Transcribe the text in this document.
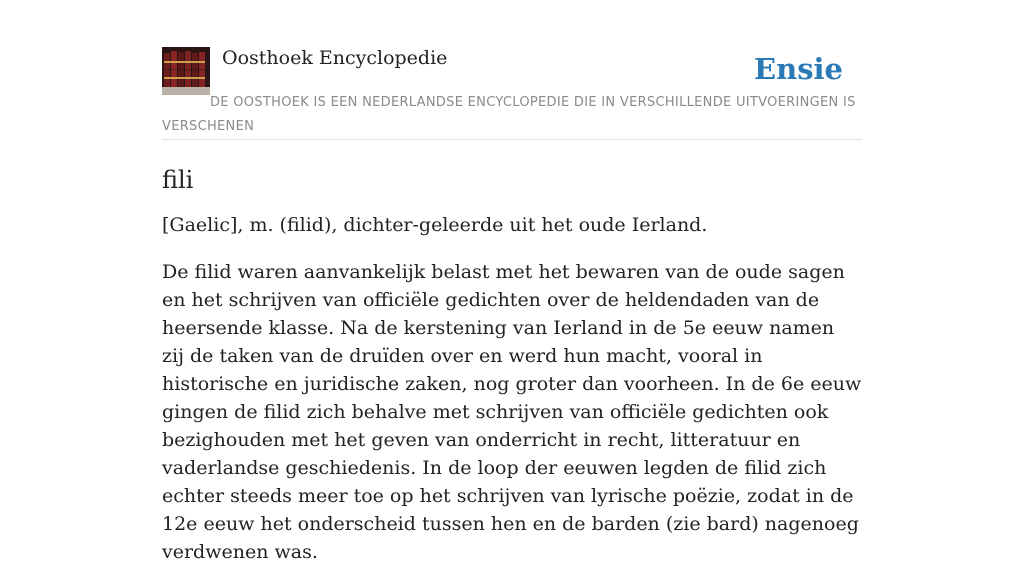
Oosthoek Encyclopedie	Ensie

DE OOSTHOEK IS EEN NEDERLANDSE ENCYCLOPEDIE DIE IN VERSCHILLENDE UITVOERINGEN IS VERSCHENEN

fili

[Gaelic], m. (filid), dichter-geleerde uit het oude Ierland.

De filid waren aanvankelijk belast met het bewaren van de oude sagen en het schrijven van officiële gedichten over de heldendaden van de heersende klasse. Na de kerstening van Ierland in de 5e eeuw namen zij de taken van de druïden over en werd hun macht, vooral in historische en juridische zaken, nog groter dan voorheen. In de 6e eeuw gingen de filid zich behalve met schrijven van officiële gedichten ook bezighouden met het geven van onderricht in recht, litteratuur en vaderlandse geschiedenis. In de loop der eeuwen legden de filid zich echter steeds meer toe op het schrijven van lyrische poëzie, zodat in de 12e eeuw het onderscheid tussen hen en de barden (zie bard) nagenoeg verdwenen was.
